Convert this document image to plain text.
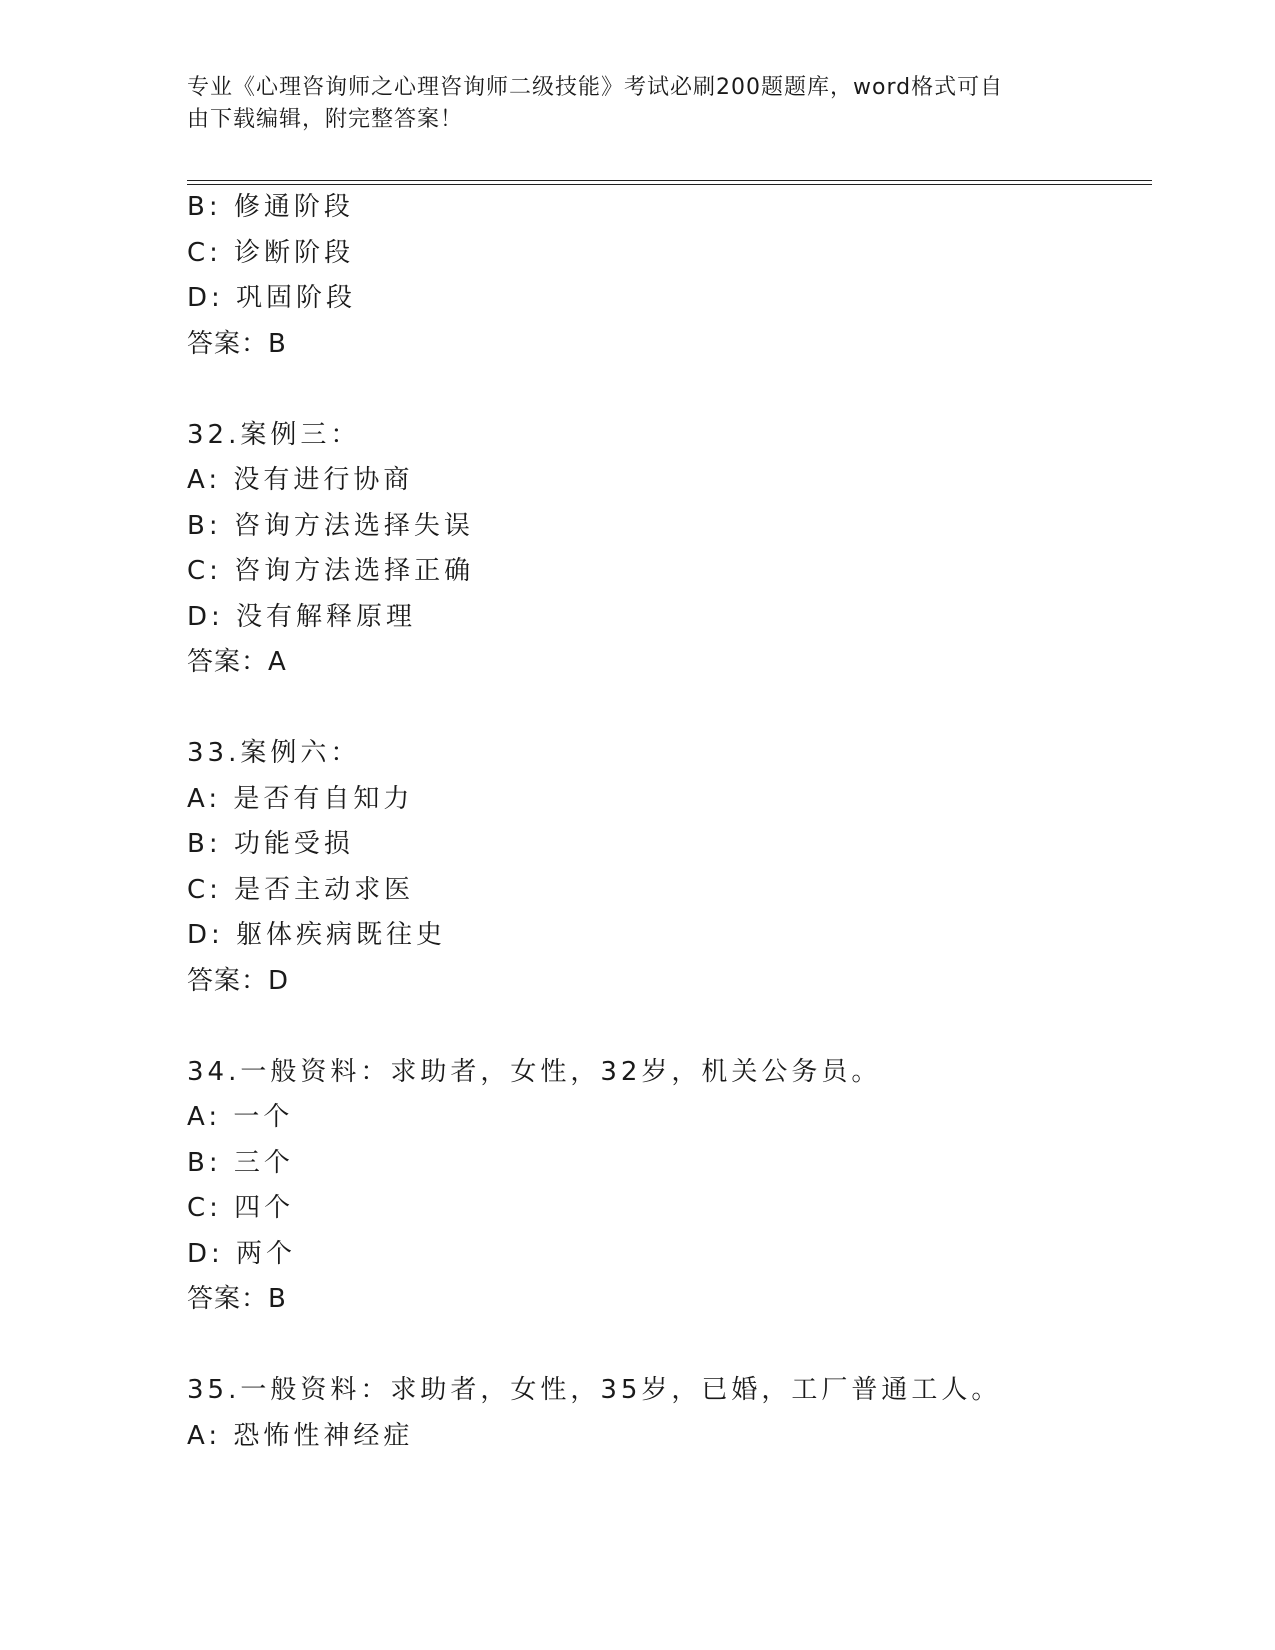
专业《心理咨询师之心理咨询师二级技能》考试必刷200题题库，word格式可自

由下载编辑，附完整答案！

B: 修通阶段
C: 诊断阶段
D: 巩固阶段
答案：B
32.案例三：
A: 没有进行协商
B: 咨询方法选择失误
C: 咨询方法选择正确
D: 没有解释原理
答案：A
33.案例六：
A: 是否有自知力
B: 功能受损
C: 是否主动求医
D: 躯体疾病既往史
答案：D
34.一般资料：求助者，女性，32岁，机关公务员。
A: 一个
B: 三个
C: 四个
D: 两个
答案：B
35.一般资料：求助者，女性，35岁，已婚，工厂普通工人。
A: 恐怖性神经症
